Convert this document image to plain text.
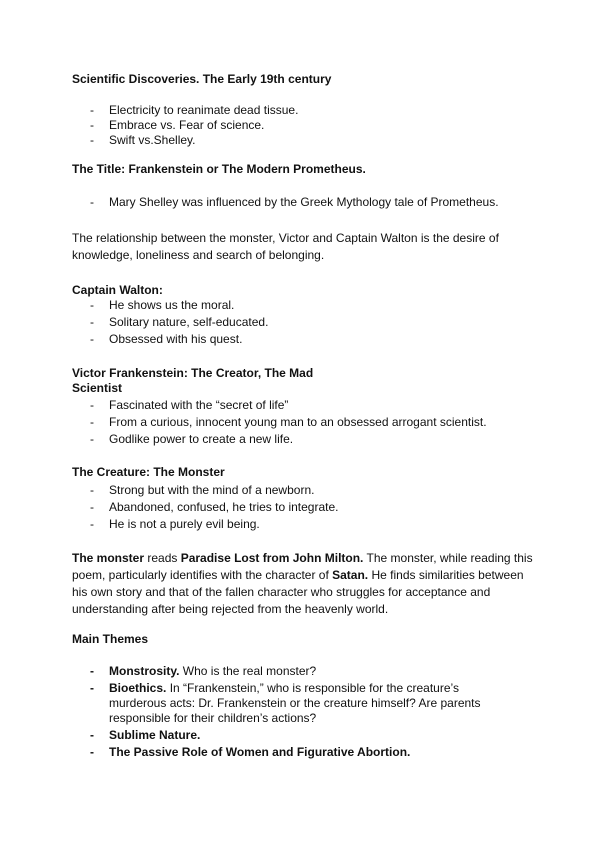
Scientific Discoveries. The Early 19th century
- Electricity to reanimate dead tissue.
- Embrace vs. Fear of science.
- Swift vs.Shelley.
The Title: Frankenstein or The Modern Prometheus.
- Mary Shelley was influenced by the Greek Mythology tale of Prometheus.

The relationship between the monster, Victor and Captain Walton is the desire of knowledge, loneliness and search of belonging.

Captain Walton:
- He shows us the moral.
- Solitary nature, self-educated.
- Obsessed with his quest.
Victor Frankenstein: The Creator, The Mad
Scientist
- Fascinated with the “secret of life”
- From a curious, innocent young man to an obsessed arrogant scientist.
- Godlike power to create a new life.
The Creature: The Monster
- Strong but with the mind of a newborn.
- Abandoned, confused, he tries to integrate.
- He is not a purely evil being.

The monster reads Paradise Lost from John Milton. The monster, while reading this poem, particularly identifies with the character of Satan. He finds similarities between his own story and that of the fallen character who struggles for acceptance and understanding after being rejected from the heavenly world.

Main Themes
- Monstrosity. Who is the real monster?
- Bioethics. In “Frankenstein,” who is responsible for the creature’s murderous acts: Dr. Frankenstein or the creature himself? Are parents responsible for their children’s actions?
- Sublime Nature.
- The Passive Role of Women and Figurative Abortion.
